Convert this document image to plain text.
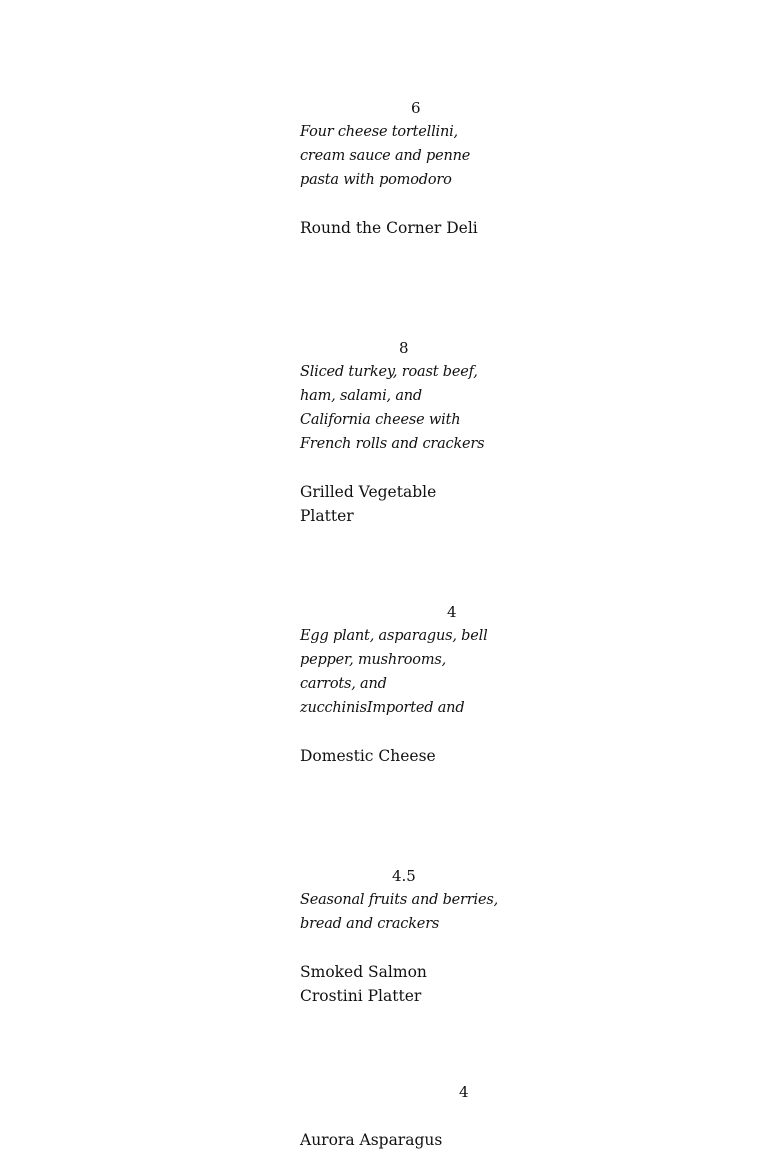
6
Four cheese tortellini,
cream sauce and penne
pasta with pomodoro
Round the Corner Deli
8
Sliced turkey, roast beef,
ham, salami, and
California cheese with
French rolls and crackers
Grilled Vegetable
Platter
4
Egg plant, asparagus, bell
pepper, mushrooms,
carrots, and
zucchinisImported and
Domestic Cheese
4.5
Seasonal fruits and berries,
bread and crackers
Smoked Salmon
Crostini Platter
4
Aurora Asparagus
